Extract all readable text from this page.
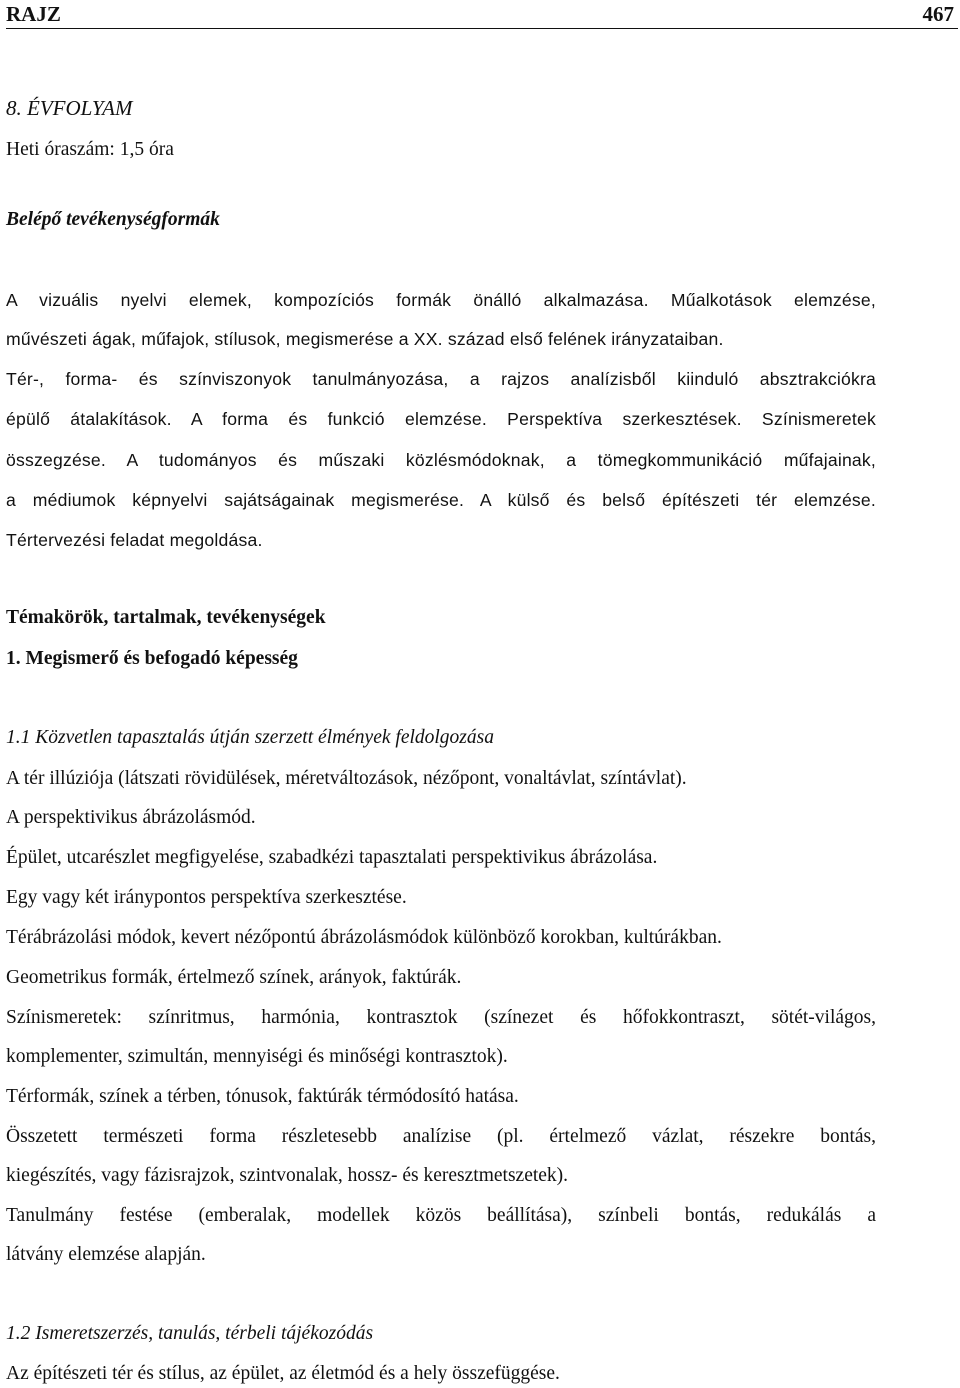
RAJZ	467
8. ÉVFOLYAM
Heti óraszám: 1,5 óra
Belépő tevékenységformák
A vizuális nyelvi elemek, kompozíciós formák önálló alkalmazása. Műalkotások elemzése,
művészeti ágak, műfajok, stílusok, megismerése a XX. század első felének irányzataiban.
Tér-, forma- és színviszonyok tanulmányozása, a rajzos analízisből kiinduló absztrakciókra
épülő átalakítások. A forma és funkció elemzése. Perspektíva szerkesztések. Színismeretek
összegzése. A tudományos és műszaki közlésmódoknak, a tömegkommunikáció műfajainak,
a médiumok képnyelvi sajátságainak megismerése. A külső és belső építészeti tér elemzése.
Tértervezési feladat megoldása.
Témakörök, tartalmak, tevékenységek
1. Megismerő és befogadó képesség
1.1 Közvetlen tapasztalás útján szerzett élmények feldolgozása
A tér illúziója (látszati rövidülések, méretváltozások, nézőpont, vonaltávlat, színtávlat).
A perspektivikus ábrázolásmód.
Épület, utcarészlet megfigyelése, szabadkézi tapasztalati perspektivikus ábrázolása.
Egy vagy két iránypontos perspektíva szerkesztése.
Térábrázolási módok, kevert nézőpontú ábrázolásmódok különböző korokban, kultúrákban.
Geometrikus formák, értelmező színek, arányok, faktúrák.
Színismeretek: színritmus, harmónia, kontrasztok (színezet és hőfokkontraszt, sötét-világos,
komplementer, szimultán, mennyiségi és minőségi kontrasztok).
Térformák, színek a térben, tónusok, faktúrák térmódosító hatása.
Összetett természeti forma részletesebb analízise (pl. értelmező vázlat, részekre bontás,
kiegészítés, vagy fázisrajzok, szintvonalak, hossz- és keresztmetszetek).
Tanulmány festése (emberalak, modellek közös beállítása), színbeli bontás, redukálás a
látvány elemzése alapján.
1.2 Ismeretszerzés, tanulás, térbeli tájékozódás
Az építészeti tér és stílus, az épület, az életmód és a hely összefüggése.
